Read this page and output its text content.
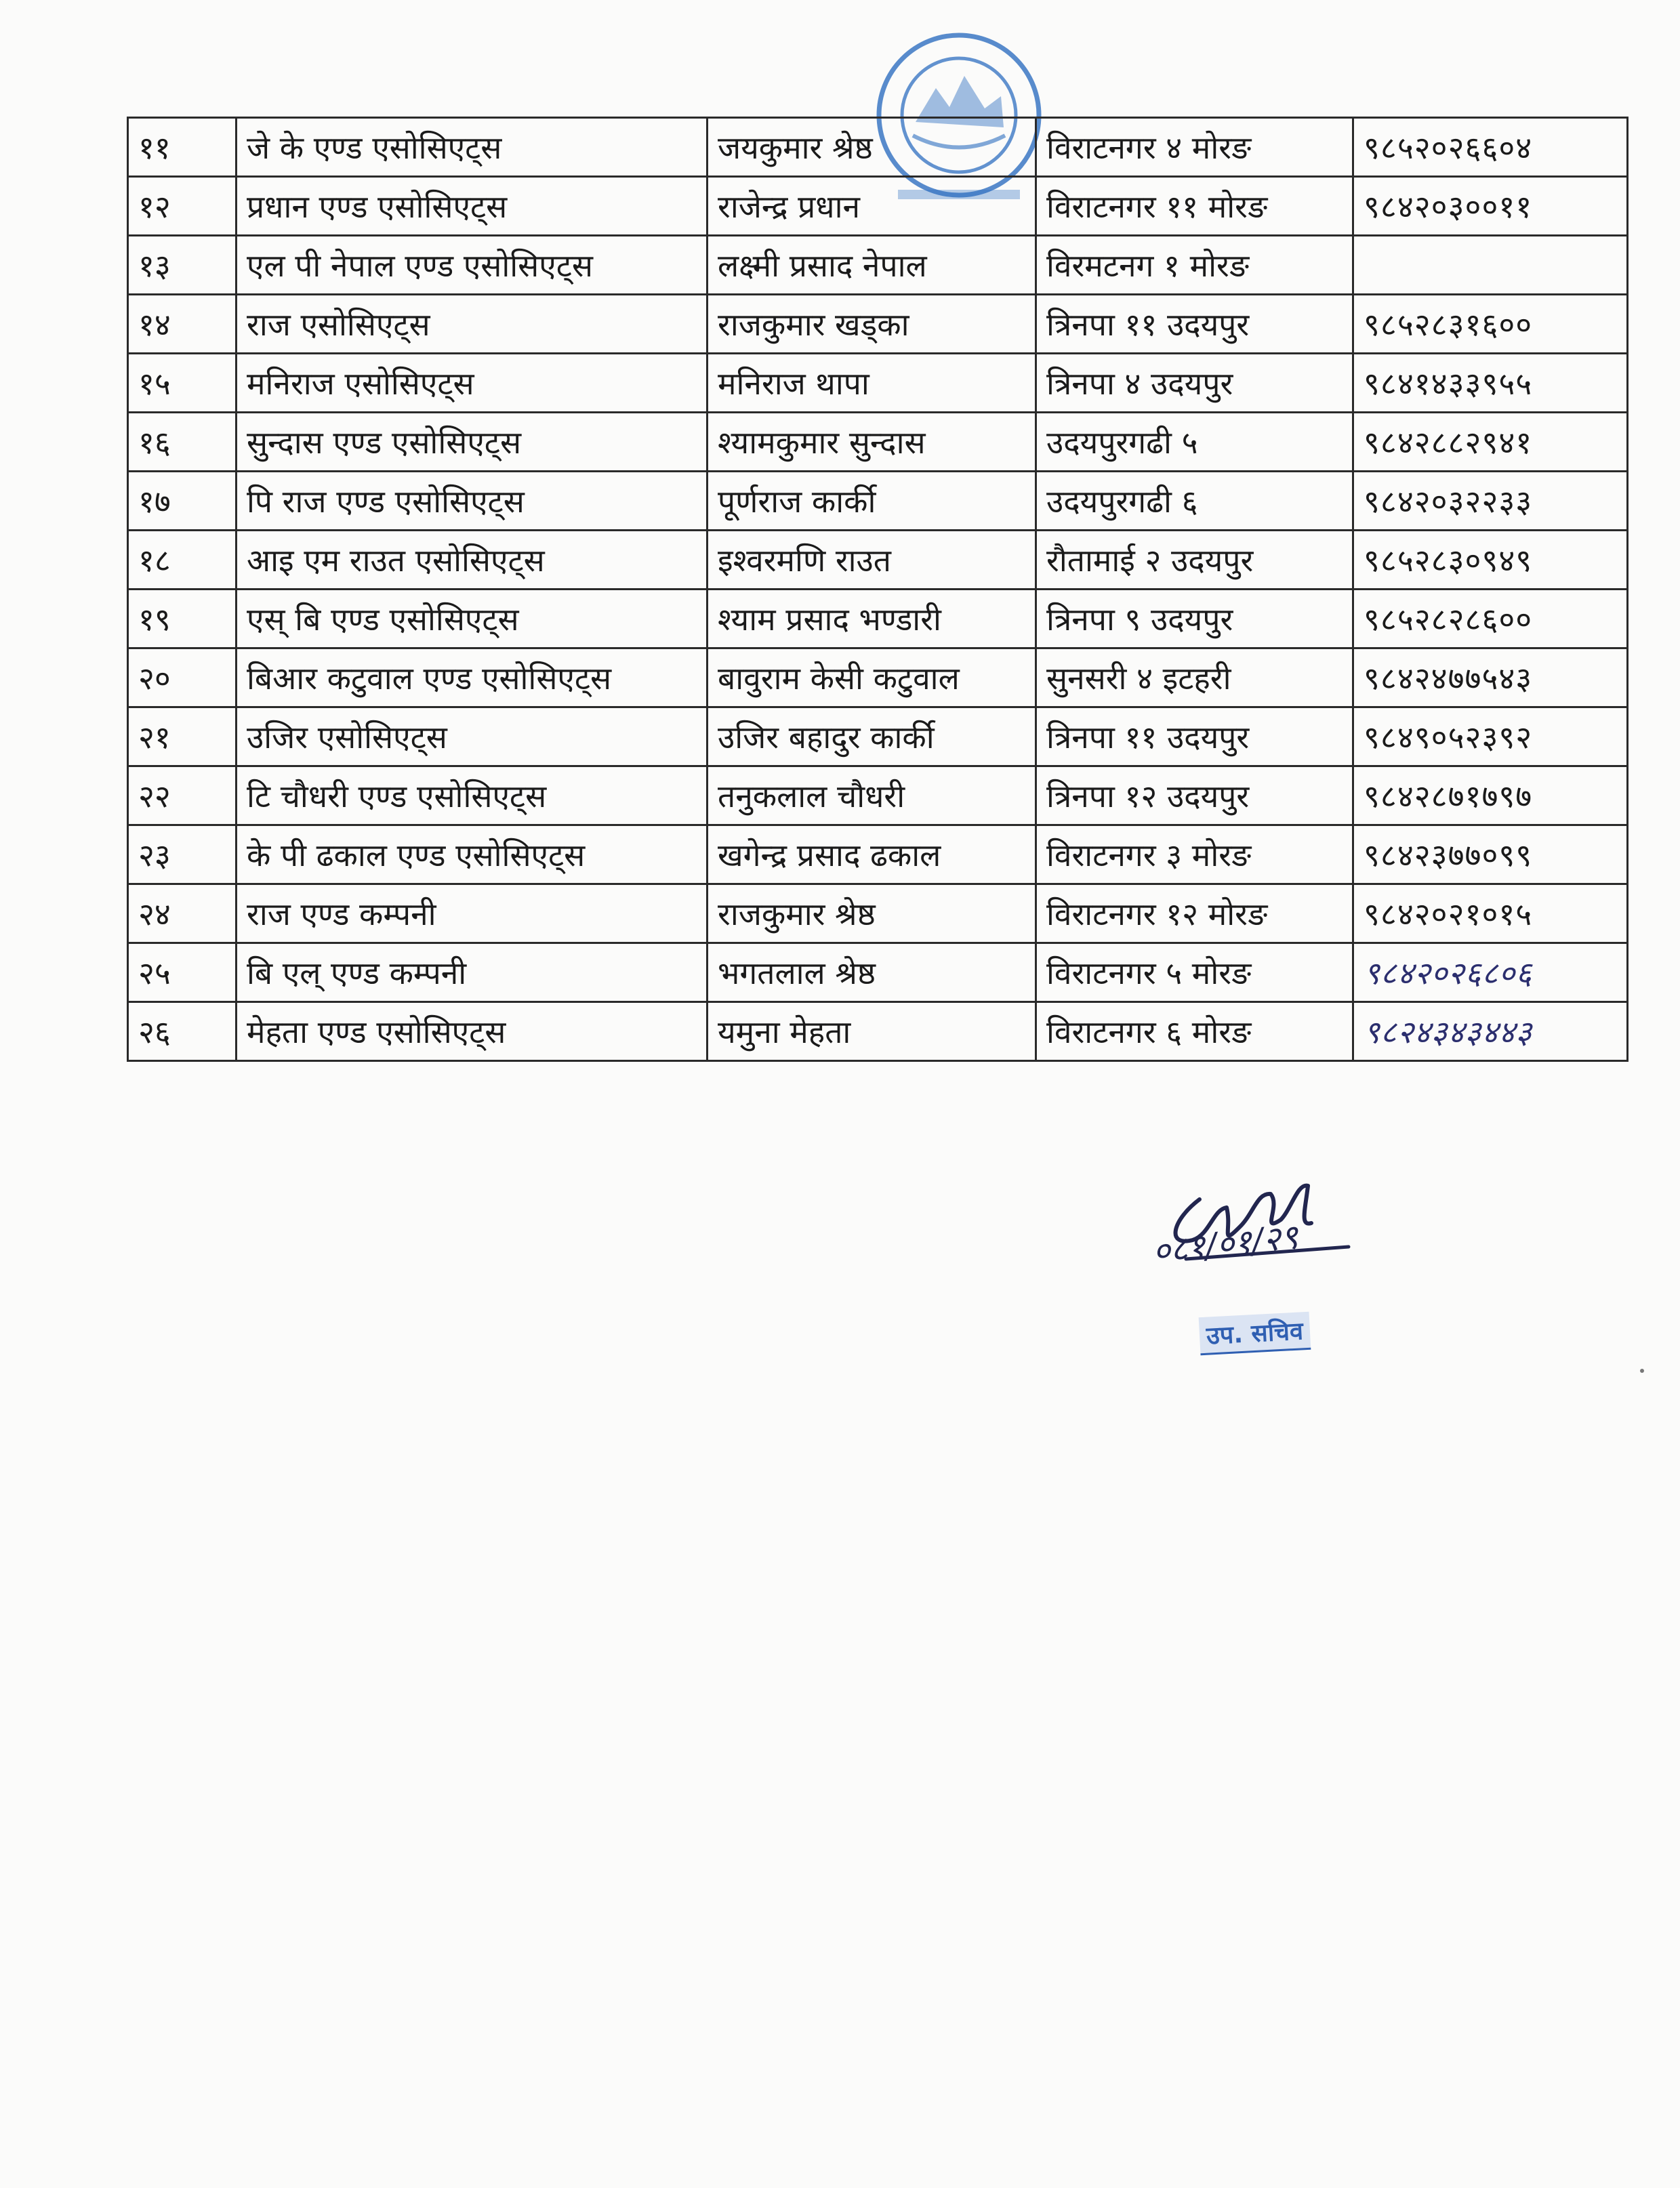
११	जे के एण्ड एसोसिएट्स	जयकुमार श्रेष्ठ	विराटनगर ४ मोरङ	९८५२०२६६०४
१२	प्रधान एण्ड एसोसिएट्स	राजेन्द्र प्रधान	विराटनगर ११ मोरङ	९८४२०३००११
१३	एल पी नेपाल एण्ड एसोसिएट्स	लक्ष्मी प्रसाद नेपाल	विरमटनग १ मोरङ	
१४	राज एसोसिएट्स	राजकुमार खड्का	त्रिनपा ११ उदयपुर	९८५२८३१६००
१५	मनिराज एसोसिएट्स	मनिराज थापा	त्रिनपा ४ उदयपुर	९८४१४३३९५५
१६	सुन्दास एण्ड एसोसिएट्स	श्यामकुमार सुन्दास	उदयपुरगढी ५	९८४२८८२९४१
१७	पि राज एण्ड एसोसिएट्स	पूर्णराज कार्की	उदयपुरगढी ६	९८४२०३२२३३
१८	आइ एम राउत एसोसिएट्स	इश्वरमणि राउत	रौतामाई २ उदयपुर	९८५२८३०९४९
१९	एस् बि एण्ड एसोसिएट्स	श्याम प्रसाद भण्डारी	त्रिनपा ९ उदयपुर	९८५२८२८६००
२०	बिआर कटुवाल एण्ड एसोसिएट्स	बावुराम केसी कटुवाल	सुनसरी ४ इटहरी	९८४२४७७५४३
२१	उजिर एसोसिएट्स	उजिर बहादुर कार्की	त्रिनपा ११ उदयपुर	९८४९०५२३९२
२२	टि चौधरी एण्ड एसोसिएट्स	तनुकलाल चौधरी	त्रिनपा १२ उदयपुर	९८४२८७१७९७
२३	के पी ढकाल एण्ड एसोसिएट्स	खगेन्द्र प्रसाद ढकाल	विराटनगर ३ मोरङ	९८४२३७७०९९
२४	राज एण्ड कम्पनी	राजकुमार श्रेष्ठ	विराटनगर १२ मोरङ	९८४२०२१०१५
२५	बि एल् एण्ड कम्पनी	भगतलाल श्रेष्ठ	विराटनगर ५ मोरङ	९८४२०२६८०६
२६	मेहता एण्ड एसोसिएट्स	यमुना मेहता	विराटनगर ६ मोरङ	९८२४३४३४४३
०८१/०१/२९
उप. सचिव
